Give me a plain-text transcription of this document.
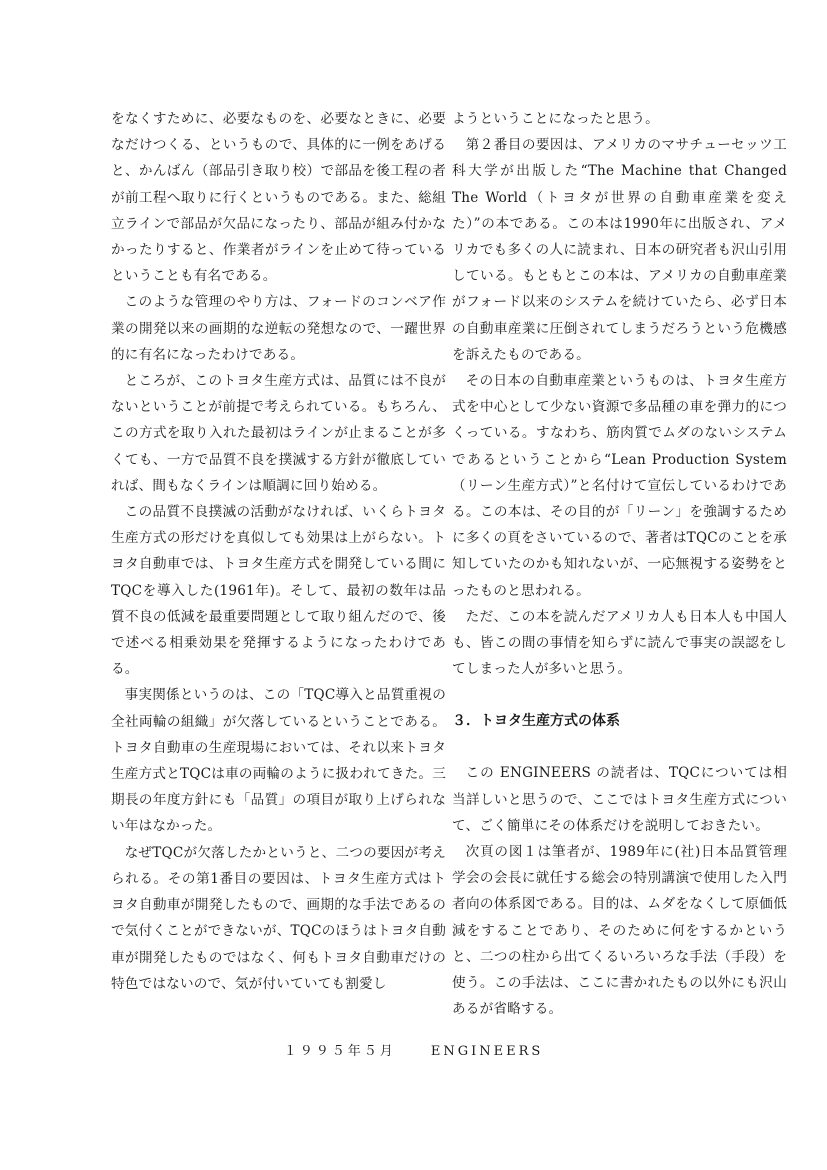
をなくすために、必要なものを、必要なときに、必要なだけつくる、というもので、具体的に一例をあげると、かんばん（部品引き取り校）で部品を後工程の者が前工程へ取りに行くというものである。また、総組立ラインで部品が欠品になったり、部品が組み付かなかったりすると、作業者がラインを止めて待っているということも有名である。

このような管理のやり方は、フォードのコンベア作業の開発以来の画期的な逆転の発想なので、一躍世界的に有名になったわけである。

ところが、このトヨタ生産方式は、品質には不良がないということが前提で考えられている。もちろん、この方式を取り入れた最初はラインが止まることが多くても、一方で品質不良を撲滅する方針が徹底していれば、間もなくラインは順調に回り始める。

この品質不良撲滅の活動がなければ、いくらトヨタ生産方式の形だけを真似しても効果は上がらない。トヨタ自動車では、トヨタ生産方式を開発している間にTQCを導入した(1961年)。そして、最初の数年は品質不良の低減を最重要問題として取り組んだので、後で述べる相乗効果を発揮するようになったわけである。

事実関係というのは、この「TQC導入と品質重視の全社両輪の組織」が欠落しているということである。トヨタ自動車の生産現場においては、それ以来トヨタ生産方式とTQCは車の両輪のように扱われてきた。三期長の年度方針にも「品質」の項目が取り上げられない年はなかった。

なぜTQCが欠落したかというと、二つの要因が考えられる。その第1番目の要因は、トヨタ生産方式はトヨタ自動車が開発したもので、画期的な手法であるので気付くことができないが、TQCのほうはトヨタ自動車が開発したものではなく、何もトヨタ自動車だけの特色ではないので、気が付いていても割愛し

ようということになったと思う。

第２番目の要因は、アメリカのマサチューセッツ工科大学が出版した“The Machine that Changed The World（トヨタが世界の自動車産業を変えた）”の本である。この本は1990年に出版され、アメリカでも多くの人に読まれ、日本の研究者も沢山引用している。もともとこの本は、アメリカの自動車産業がフォード以来のシステムを続けていたら、必ず日本の自動車産業に圧倒されてしまうだろうという危機感を訴えたものである。

その日本の自動車産業というものは、トヨタ生産方式を中心として少ない資源で多品種の車を弾力的につくっている。すなわち、筋肉質でムダのないシステムであるということから“Lean Production System（リーン生産方式）”と名付けて宣伝しているわけである。この本は、その目的が「リーン」を強調するために多くの頁をさいているので、著者はTQCのことを承知していたのかも知れないが、一応無視する姿勢をとったものと思われる。

ただ、この本を読んだアメリカ人も日本人も中国人も、皆この間の事情を知らずに読んで事実の誤認をしてしまった人が多いと思う。

３．トヨタ生産方式の体系

この ENGINEERS の読者は、TQCについては相当詳しいと思うので、ここではトヨタ生産方式について、ごく簡単にその体系だけを説明しておきたい。

次頁の図１は筆者が、1989年に(社)日本品質管理学会の会長に就任する総会の特別講演で使用した入門者向の体系図である。目的は、ムダをなくして原価低減をすることであり、そのために何をするかというと、二つの柱から出てくるいろいろな手法（手段）を使う。この手法は、ここに書かれたもの以外にも沢山あるが省略する。

１９９５年５月	ENGINEERS
